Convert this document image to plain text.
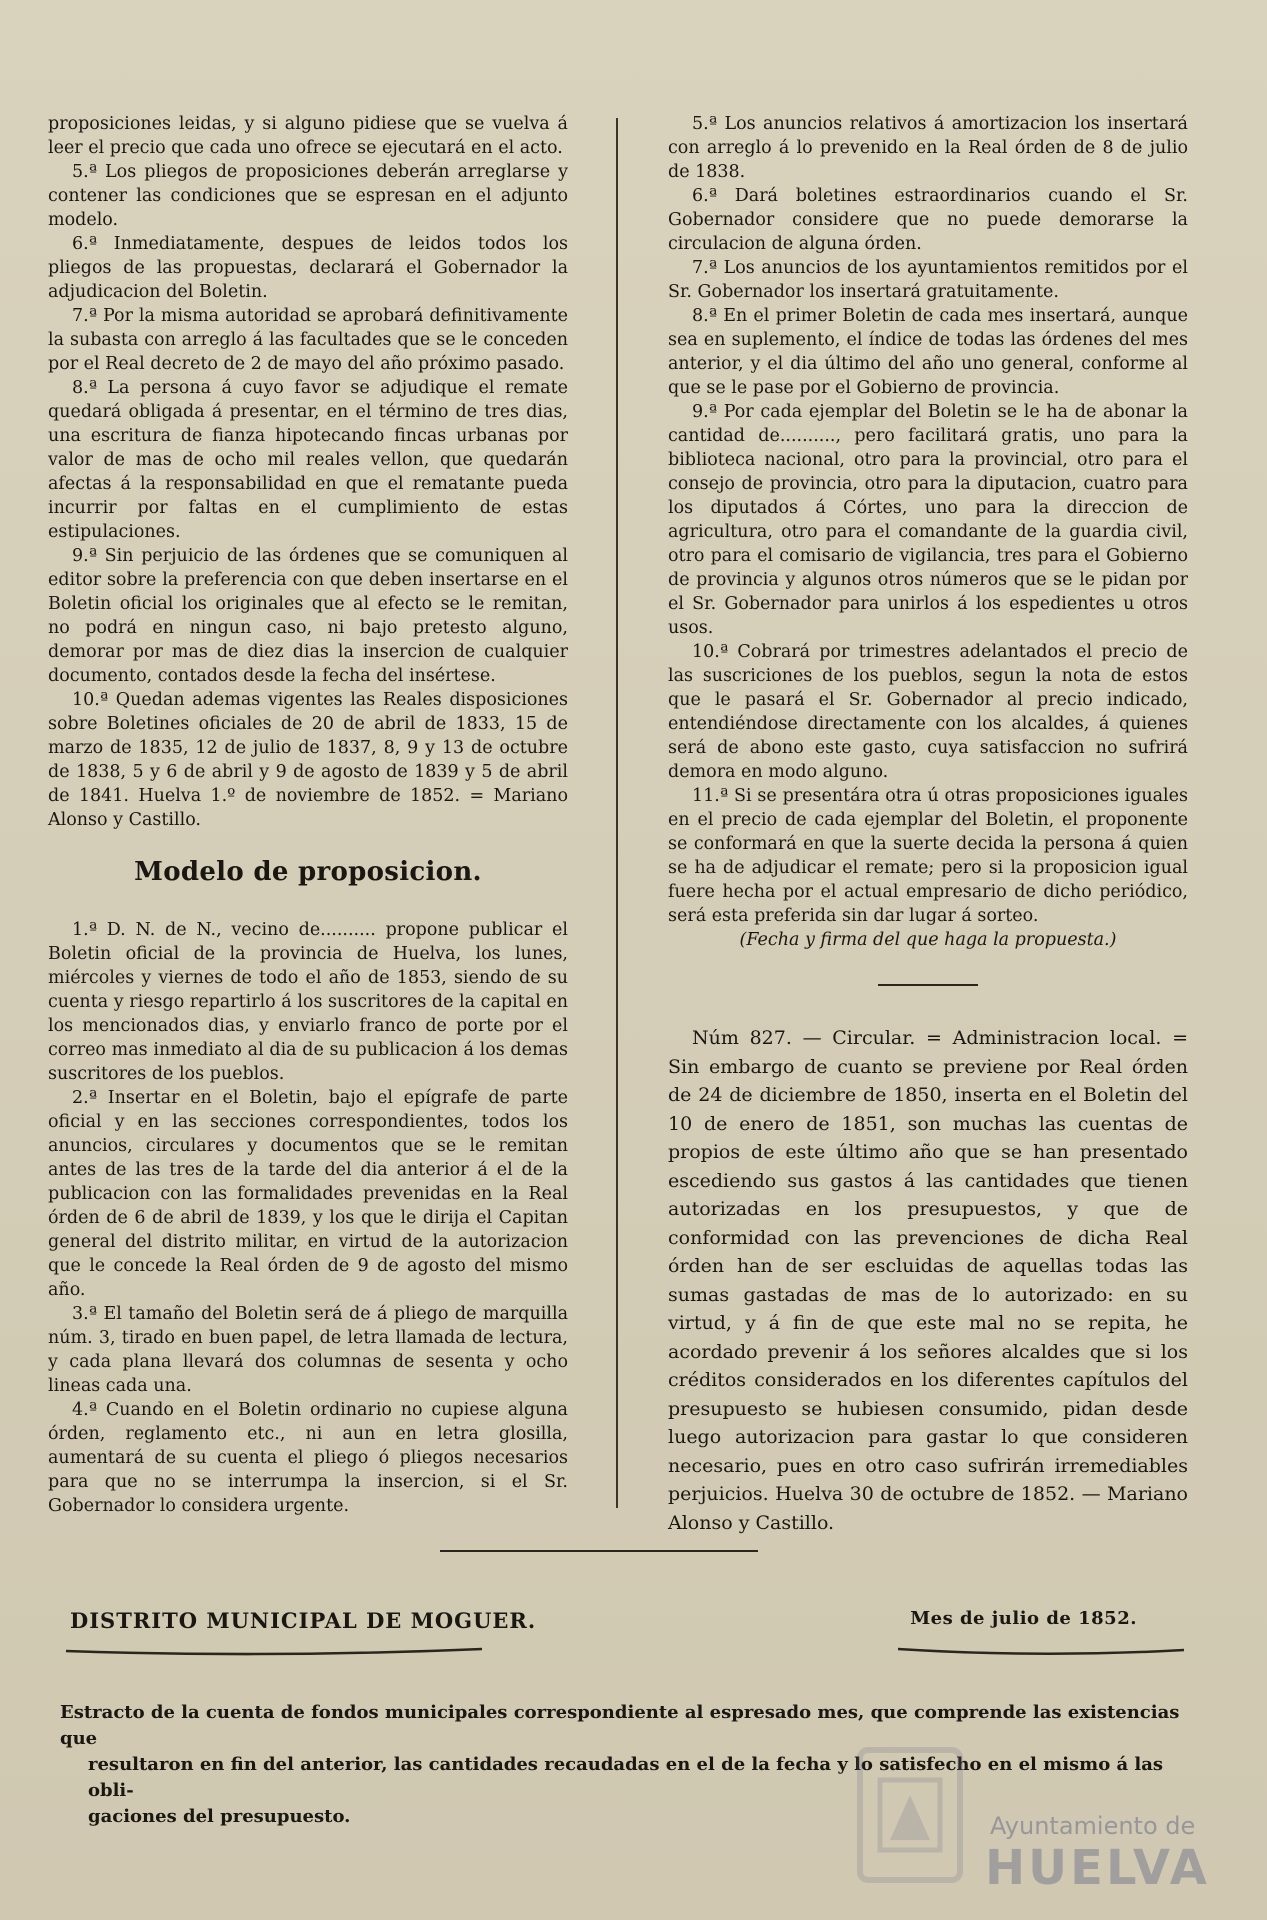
proposiciones leidas, y si alguno pidiese que se vuelva á leer el precio que cada uno ofrece se ejecutará en el acto.

5.ª Los pliegos de proposiciones deberán arreglarse y contener las condiciones que se espresan en el adjunto modelo.

6.ª Inmediatamente, despues de leidos todos los pliegos de las propuestas, declarará el Gobernador la adjudicacion del Boletin.

7.ª Por la misma autoridad se aprobará definitivamente la subasta con arreglo á las facultades que se le conceden por el Real decreto de 2 de mayo del año próximo pasado.

8.ª La persona á cuyo favor se adjudique el remate quedará obligada á presentar, en el término de tres dias, una escritura de fianza hipotecando fincas urbanas por valor de mas de ocho mil reales vellon, que quedarán afectas á la responsabilidad en que el rematante pueda incurrir por faltas en el cumplimiento de estas estipulaciones.

9.ª Sin perjuicio de las órdenes que se comuniquen al editor sobre la preferencia con que deben insertarse en el Boletin oficial los originales que al efecto se le remitan, no podrá en ningun caso, ni bajo pretesto alguno, demorar por mas de diez dias la insercion de cualquier documento, contados desde la fecha del insértese.

10.ª Quedan ademas vigentes las Reales disposiciones sobre Boletines oficiales de 20 de abril de 1833, 15 de marzo de 1835, 12 de julio de 1837, 8, 9 y 13 de octubre de 1838, 5 y 6 de abril y 9 de agosto de 1839 y 5 de abril de 1841. Huelva 1.º de noviembre de 1852. = Mariano Alonso y Castillo.

Modelo de proposicion.

1.ª D. N. de N., vecino de.......... propone publicar el Boletin oficial de la provincia de Huelva, los lunes, miércoles y viernes de todo el año de 1853, siendo de su cuenta y riesgo repartirlo á los suscritores de la capital en los mencionados dias, y enviarlo franco de porte por el correo mas inmediato al dia de su publicacion á los demas suscritores de los pueblos.

2.ª Insertar en el Boletin, bajo el epígrafe de parte oficial y en las secciones correspondientes, todos los anuncios, circulares y documentos que se le remitan antes de las tres de la tarde del dia anterior á el de la publicacion con las formalidades prevenidas en la Real órden de 6 de abril de 1839, y los que le dirija el Capitan general del distrito militar, en virtud de la autorizacion que le concede la Real órden de 9 de agosto del mismo año.

3.ª El tamaño del Boletin será de á pliego de marquilla núm. 3, tirado en buen papel, de letra llamada de lectura, y cada plana llevará dos columnas de sesenta y ocho lineas cada una.

4.ª Cuando en el Boletin ordinario no cupiese alguna órden, reglamento etc., ni aun en letra glosilla, aumentará de su cuenta el pliego ó pliegos necesarios para que no se interrumpa la insercion, si el Sr. Gobernador lo considera urgente.

5.ª Los anuncios relativos á amortizacion los insertará con arreglo á lo prevenido en la Real órden de 8 de julio de 1838.

6.ª Dará boletines estraordinarios cuando el Sr. Gobernador considere que no puede demorarse la circulacion de alguna órden.

7.ª Los anuncios de los ayuntamientos remitidos por el Sr. Gobernador los insertará gratuitamente.

8.ª En el primer Boletin de cada mes insertará, aunque sea en suplemento, el índice de todas las órdenes del mes anterior, y el dia último del año uno general, conforme al que se le pase por el Gobierno de provincia.

9.ª Por cada ejemplar del Boletin se le ha de abonar la cantidad de.........., pero facilitará gratis, uno para la biblioteca nacional, otro para la provincial, otro para el consejo de provincia, otro para la diputacion, cuatro para los diputados á Córtes, uno para la direccion de agricultura, otro para el comandante de la guardia civil, otro para el comisario de vigilancia, tres para el Gobierno de provincia y algunos otros números que se le pidan por el Sr. Gobernador para unirlos á los espedientes u otros usos.

10.ª Cobrará por trimestres adelantados el precio de las suscriciones de los pueblos, segun la nota de estos que le pasará el Sr. Gobernador al precio indicado, entendiéndose directamente con los alcaldes, á quienes será de abono este gasto, cuya satisfaccion no sufrirá demora en modo alguno.

11.ª Si se presentára otra ú otras proposiciones iguales en el precio de cada ejemplar del Boletin, el proponente se conformará en que la suerte decida la persona á quien se ha de adjudicar el remate; pero si la proposicion igual fuere hecha por el actual empresario de dicho periódico, será esta preferida sin dar lugar á sorteo.

(Fecha y firma del que haga la propuesta.)

Núm 827. — Circular. = Administracion local. = Sin embargo de cuanto se previene por Real órden de 24 de diciembre de 1850, inserta en el Boletin del 10 de enero de 1851, son muchas las cuentas de propios de este último año que se han presentado escediendo sus gastos á las cantidades que tienen autorizadas en los presupuestos, y que de conformidad con las prevenciones de dicha Real órden han de ser escluidas de aquellas todas las sumas gastadas de mas de lo autorizado: en su virtud, y á fin de que este mal no se repita, he acordado prevenir á los señores alcaldes que si los créditos considerados en los diferentes capítulos del presupuesto se hubiesen consumido, pidan desde luego autorizacion para gastar lo que consideren necesario, pues en otro caso sufrirán irremediables perjuicios. Huelva 30 de octubre de 1852. — Mariano Alonso y Castillo.

DISTRITO MUNICIPAL DE MOGUER.	Mes de julio de 1852.
Estracto de la cuenta de fondos municipales correspondiente al espresado mes, que comprende las existencias que
resultaron en fin del anterior, las cantidades recaudadas en el de la fecha y lo satisfecho en el mismo á las obli-
gaciones del presupuesto.	Ayuntamiento de
HUELVA
